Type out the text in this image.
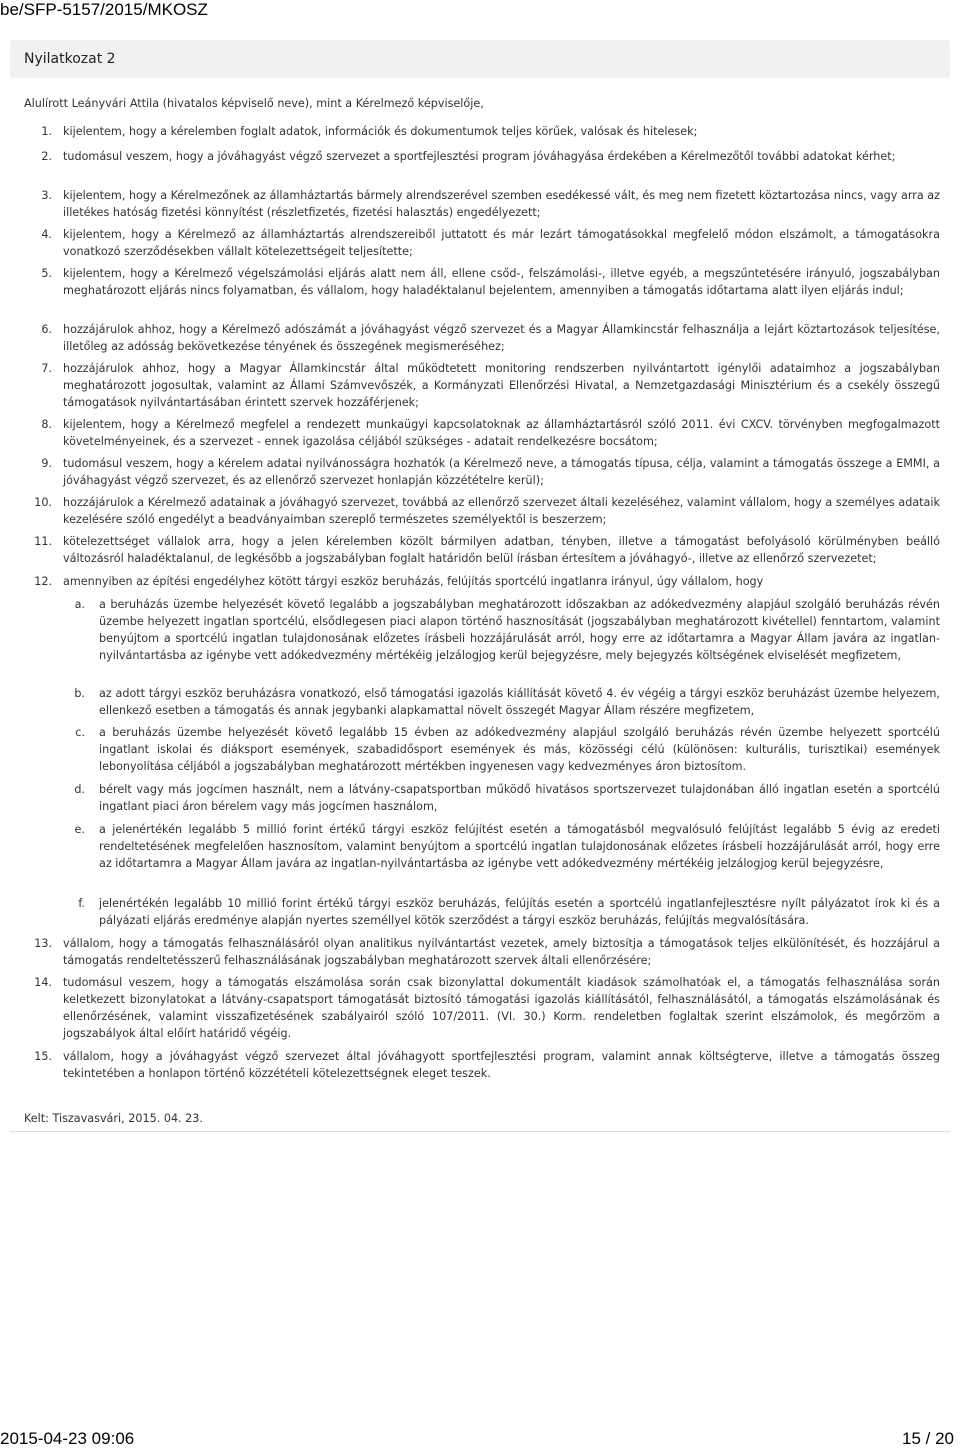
be/SFP-5157/2015/MKOSZ
Nyilatkozat 2
Alulírott Leányvári Attila (hivatalos képviselő neve), mint a Kérelmező képviselője,
1. kijelentem, hogy a kérelemben foglalt adatok, információk és dokumentumok teljes körűek, valósak és hitelesek;
2. tudomásul veszem, hogy a jóváhagyást végző szervezet a sportfejlesztési program jóváhagyása érdekében a Kérelmezőtől további adatokat kérhet;
3. kijelentem, hogy a Kérelmezőnek az államháztartás bármely alrendszerével szemben esedékessé vált, és meg nem fizetett köztartozása nincs, vagy arra az illetékes hatóság fizetési könnyítést (részletfizetés, fizetési halasztás) engedélyezett;
4. kijelentem, hogy a Kérelmező az államháztartás alrendszereiből juttatott és már lezárt támogatásokkal megfelelő módon elszámolt, a támogatásokra vonatkozó szerződésekben vállalt kötelezettségeit teljesítette;
5. kijelentem, hogy a Kérelmező végelszámolási eljárás alatt nem áll, ellene csőd-, felszámolási-, illetve egyéb, a megszűntetésére irányuló, jogszabályban meghatározott eljárás nincs folyamatban, és vállalom, hogy haladéktalanul bejelentem, amennyiben a támogatás időtartama alatt ilyen eljárás indul;
6. hozzájárulok ahhoz, hogy a Kérelmező adószámát a jóváhagyást végző szervezet és a Magyar Államkincstár felhasználja a lejárt köztartozások teljesítése, illetőleg az adósság bekövetkezése tényének és összegének megismeréséhez;
7. hozzájárulok ahhoz, hogy a Magyar Államkincstár által működtetett monitoring rendszerben nyilvántartott igénylői adataimhoz a jogszabályban meghatározott jogosultak, valamint az Állami Számvevőszék, a Kormányzati Ellenőrzési Hivatal, a Nemzetgazdasági Minisztérium és a csekély összegű támogatások nyilvántartásában érintett szervek hozzáférjenek;
8. kijelentem, hogy a Kérelmező megfelel a rendezett munkaügyi kapcsolatoknak az államháztartásról szóló 2011. évi CXCV. törvényben megfogalmazott követelményeinek, és a szervezet - ennek igazolása céljából szükséges - adatait rendelkezésre bocsátom;
9. tudomásul veszem, hogy a kérelem adatai nyilvánosságra hozhatók (a Kérelmező neve, a támogatás típusa, célja, valamint a támogatás összege a EMMI, a jóváhagyást végző szervezet, és az ellenőrző szervezet honlapján közzétételre kerül);
10. hozzájárulok a Kérelmező adatainak a jóváhagyó szervezet, továbbá az ellenőrző szervezet általi kezeléséhez, valamint vállalom, hogy a személyes adataik kezelésére szóló engedélyt a beadványaimban szereplő természetes személyektől is beszerzem;
11. kötelezettséget vállalok arra, hogy a jelen kérelemben közölt bármilyen adatban, tényben, illetve a támogatást befolyásoló körülményben beálló változásról haladéktalanul, de legkésőbb a jogszabályban foglalt határidőn belül írásban értesítem a jóváhagyó-, illetve az ellenőrző szervezetet;
12. amennyiben az építési engedélyhez kötött tárgyi eszköz beruházás, felújítás sportcélú ingatlanra irányul, úgy vállalom, hogy
a. a beruházás üzembe helyezését követő legalább a jogszabályban meghatározott időszakban az adókedvezmény alapjául szolgáló beruházás révén üzembe helyezett ingatlan sportcélú, elsődlegesen piaci alapon történő hasznosítását (jogszabályban meghatározott kivétellel) fenntartom, valamint benyújtom a sportcélú ingatlan tulajdonosának előzetes írásbeli hozzájárulását arról, hogy erre az időtartamra a Magyar Állam javára az ingatlan-nyilvántartásba az igénybe vett adókedvezmény mértékéig jelzálogjog kerül bejegyzésre, mely bejegyzés költségének elviselését megfizetem,
b. az adott tárgyi eszköz beruházásra vonatkozó, első támogatási igazolás kiállítását követő 4. év végéig a tárgyi eszköz beruházást üzembe helyezem, ellenkező esetben a támogatás és annak jegybanki alapkamattal növelt összegét Magyar Állam részére megfizetem,
c. a beruházás üzembe helyezését követő legalább 15 évben az adókedvezmény alapjául szolgáló beruházás révén üzembe helyezett sportcélú ingatlant iskolai és diáksport események, szabadidősport események és más, közösségi célú (különösen: kulturális, turisztikai) események lebonyolítása céljából a jogszabályban meghatározott mértékben ingyenesen vagy kedvezményes áron biztosítom.
d. bérelt vagy más jogcímen használt, nem a látvány-csapatsportban működő hivatásos sportszervezet tulajdonában álló ingatlan esetén a sportcélú ingatlant piaci áron bérelem vagy más jogcímen használom,
e. a jelenértékén legalább 5 millió forint értékű tárgyi eszköz felújítést esetén a támogatásból megvalósuló felújítást legalább 5 évig az eredeti rendeltetésének megfelelően hasznosítom, valamint benyújtom a sportcélú ingatlan tulajdonosának előzetes írásbeli hozzájárulását arról, hogy erre az időtartamra a Magyar Állam javára az ingatlan-nyilvántartásba az igénybe vett adókedvezmény mértékéig jelzálogjog kerül bejegyzésre,
f. jelenértékén legalább 10 millió forint értékű tárgyi eszköz beruházás, felújítás esetén a sportcélú ingatlanfejlesztésre nyílt pályázatot írok ki és a pályázati eljárás eredménye alapján nyertes személlyel kötök szerződést a tárgyi eszköz beruházás, felújítás megvalósítására.
13. vállalom, hogy a támogatás felhasználásáról olyan analitikus nyilvántartást vezetek, amely biztosítja a támogatások teljes elkülönítését, és hozzájárul a támogatás rendeltetésszerű felhasználásának jogszabályban meghatározott szervek általi ellenőrzésére;
14. tudomásul veszem, hogy a támogatás elszámolása során csak bizonylattal dokumentált kiadások számolhatóak el, a támogatás felhasználása során keletkezett bizonylatokat a látvány-csapatsport támogatását biztosító támogatási igazolás kiállításától, felhasználásától, a támogatás elszámolásának és ellenőrzésének, valamint visszafizetésének szabályairól szóló 107/2011. (VI. 30.) Korm. rendeletben foglaltak szerint elszámolok, és megőrzöm a jogszabályok által előírt határidő végéig.
15. vállalom, hogy a jóváhagyást végző szervezet által jóváhagyott sportfejlesztési program, valamint annak költségterve, illetve a támogatás összeg tekintetében a honlapon történő közzétételi kötelezettségnek eleget teszek.
Kelt: Tiszavasvári, 2015. 04. 23.
2015-04-23 09:06	15 / 20
